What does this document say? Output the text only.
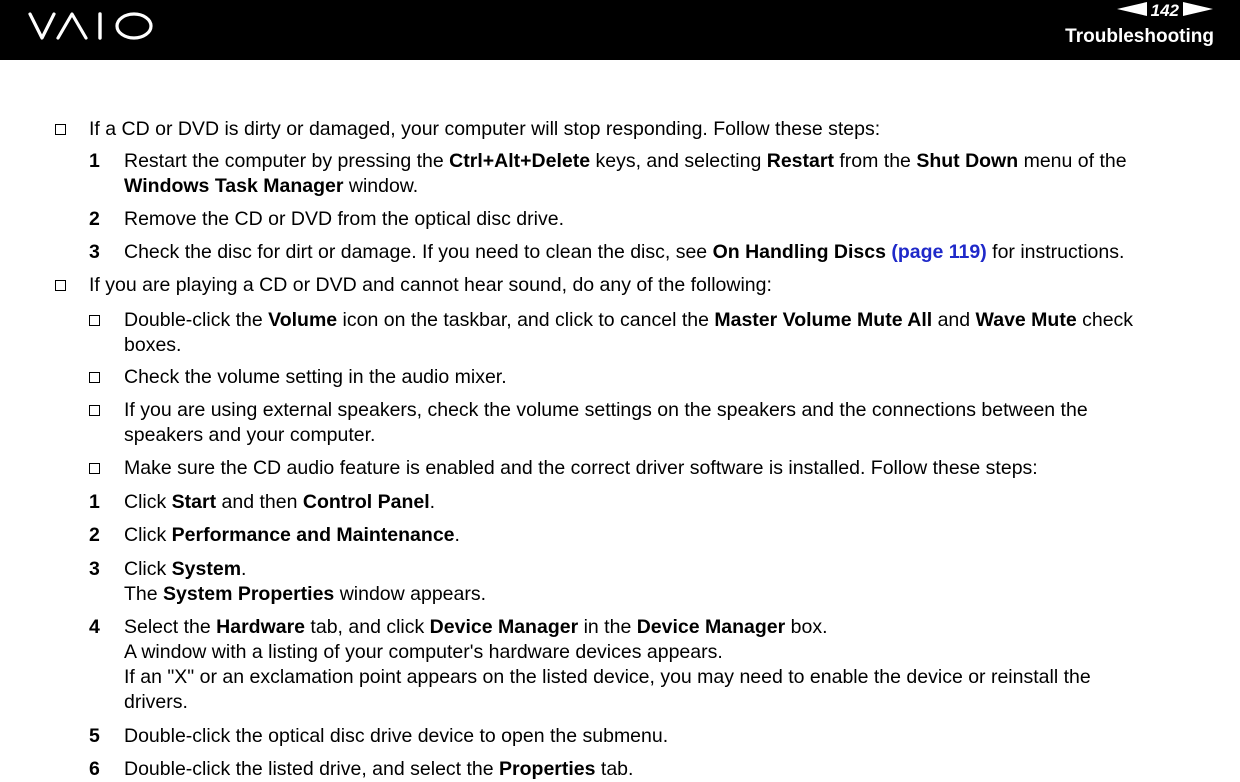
142
Troubleshooting
If a CD or DVD is dirty or damaged, your computer will stop responding. Follow these steps:
1 Restart the computer by pressing the Ctrl+Alt+Delete keys, and selecting Restart from the Shut Down menu of the
Windows Task Manager window.
2 Remove the CD or DVD from the optical disc drive.
3 Check the disc for dirt or damage. If you need to clean the disc, see On Handling Discs (page 119) for instructions.
If you are playing a CD or DVD and cannot hear sound, do any of the following:
Double-click the Volume icon on the taskbar, and click to cancel the Master Volume Mute All and Wave Mute check
boxes.
Check the volume setting in the audio mixer.
If you are using external speakers, check the volume settings on the speakers and the connections between the
speakers and your computer.
Make sure the CD audio feature is enabled and the correct driver software is installed. Follow these steps:
1 Click Start and then Control Panel.
2 Click Performance and Maintenance.
3 Click System.
The System Properties window appears.
4 Select the Hardware tab, and click Device Manager in the Device Manager box.
A window with a listing of your computer's hardware devices appears.
If an "X" or an exclamation point appears on the listed device, you may need to enable the device or reinstall the
drivers.
5 Double-click the optical disc drive device to open the submenu.
6 Double-click the listed drive, and select the Properties tab.
